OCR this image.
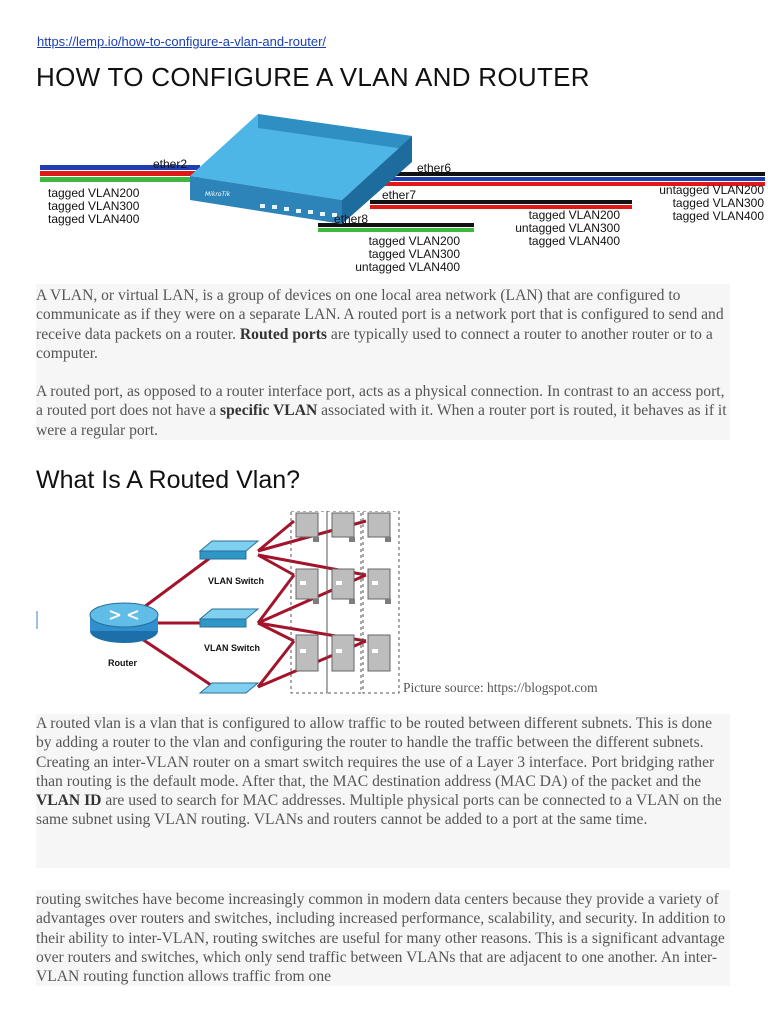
https://lemp.io/how-to-configure-a-vlan-and-router/
HOW TO CONFIGURE A VLAN AND ROUTER
MikroTik
ether2	ether6
ether7
ether8
tagged VLAN200
tagged VLAN300
tagged VLAN400
tagged VLAN200
tagged VLAN300
untagged VLAN400
tagged VLAN200
untagged VLAN300
tagged VLAN400
untagged VLAN200
tagged VLAN300
tagged VLAN400

A VLAN, or virtual LAN, is a group of devices on one local area network (LAN) that are configured to communicate as if they were on a separate LAN. A routed port is a network port that is configured to send and receive data packets on a router. Routed ports are typically used to connect a router to another router or to a computer.

A routed port, as opposed to a router interface port, acts as a physical connection. In contrast to an access port, a routed port does not have a specific VLAN associated with it. When a router port is routed, it behaves as if it were a regular port.

What Is A Routed Vlan?
VLAN Switch
VLAN Switch
Router
Picture source: https://blogspot.com

A routed vlan is a vlan that is configured to allow traffic to be routed between different subnets. This is done by adding a router to the vlan and configuring the router to handle the traffic between the different subnets.

Creating an inter-VLAN router on a smart switch requires the use of a Layer 3 interface. Port bridging rather than routing is the default mode. After that, the MAC destination address (MAC DA) of the packet and the VLAN ID are used to search for MAC addresses. Multiple physical ports can be connected to a VLAN on the same subnet using VLAN routing. VLANs and routers cannot be added to a port at the same time.

routing switches have become increasingly common in modern data centers because they provide a variety of advantages over routers and switches, including increased performance, scalability, and security. In addition to their ability to inter-VLAN, routing switches are useful for many other reasons. This is a significant advantage over routers and switches, which only send traffic between VLANs that are adjacent to one another. An inter-VLAN routing function allows traffic from one
